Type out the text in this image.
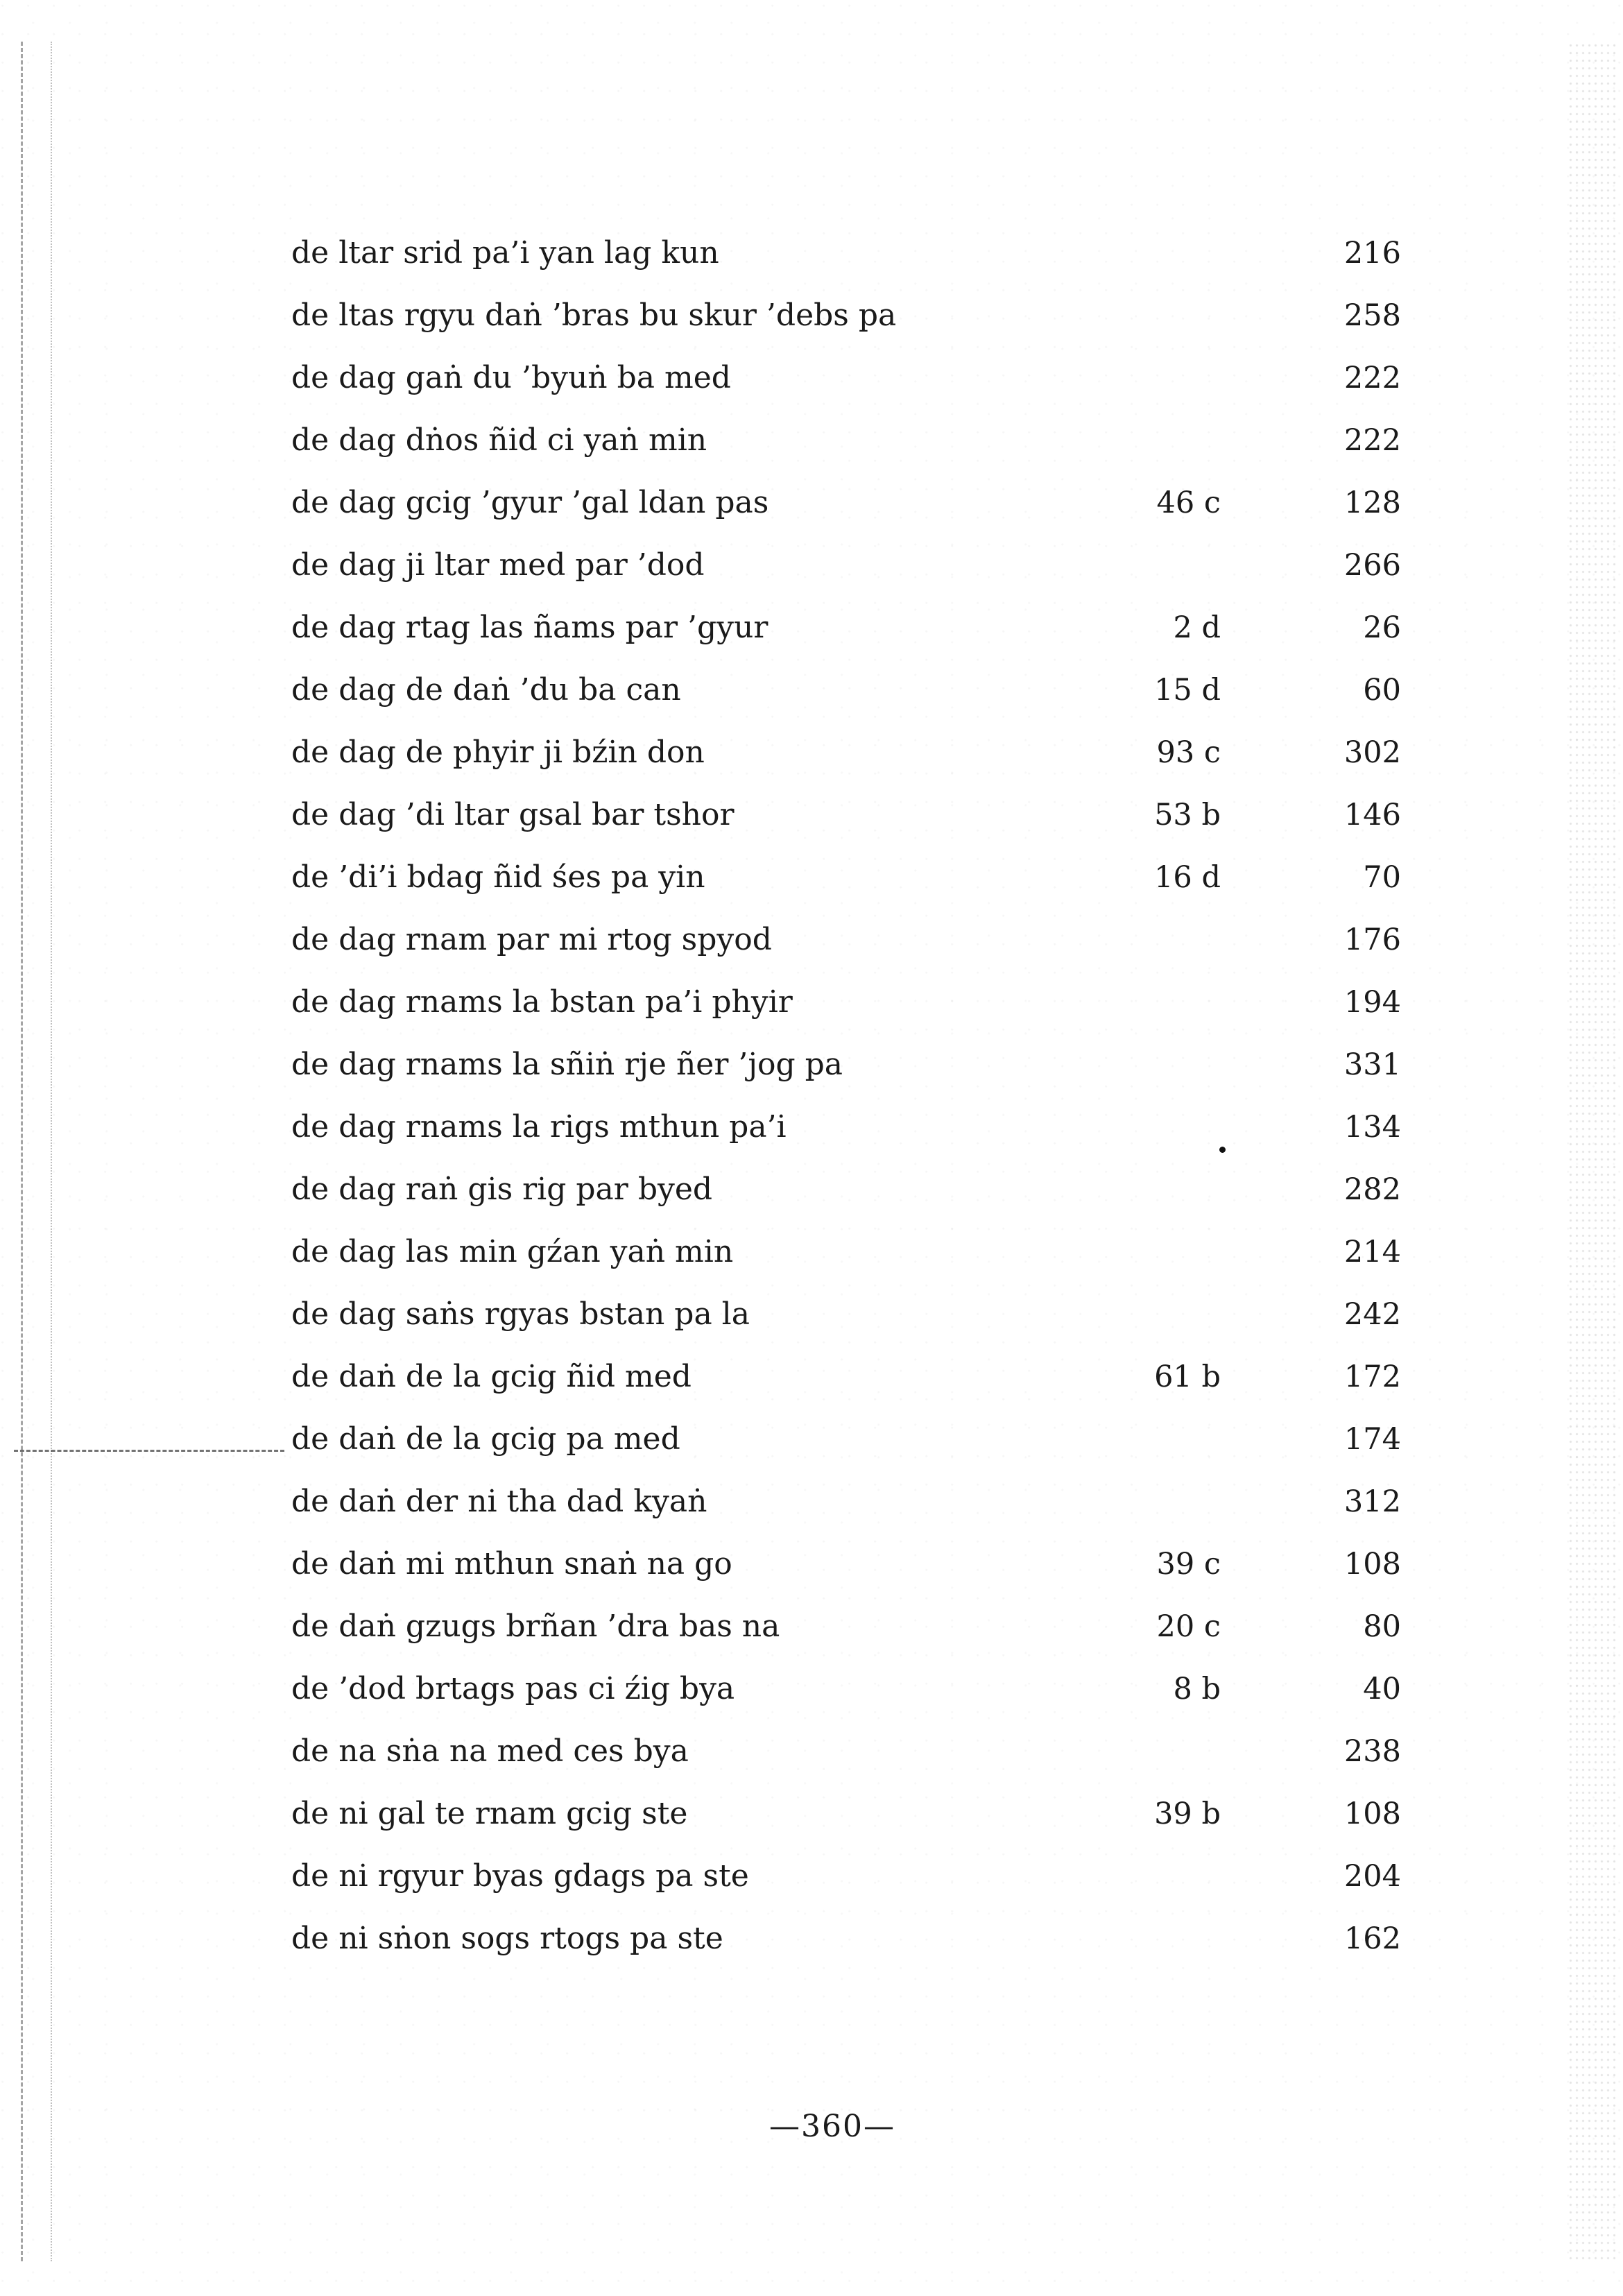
de ltar srid pa’i yan lag kun	216
de ltas rgyu daṅ ’bras bu skur ’debs pa	258
de dag gaṅ du ’byuṅ ba med	222
de dag dṅos ñid ci yaṅ min	222
de dag gcig ’gyur ’gal ldan pas	46 c	128
de dag ji ltar med par ’dod	266
de dag rtag las ñams par ’gyur	2 d	26
de dag de daṅ ’du ba can	15 d	60
de dag de phyir ji bźin don	93 c	302
de dag ’di ltar gsal bar tshor	53 b	146
de ’di’i bdag ñid śes pa yin	16 d	70
de dag rnam par mi rtog spyod	176
de dag rnams la bstan pa’i phyir	194
de dag rnams la sñiṅ rje ñer ’jog pa	331
de dag rnams la rigs mthun pa’i	134
de dag raṅ gis rig par byed	282
de dag las min gźan yaṅ min	214
de dag saṅs rgyas bstan pa la	242
de daṅ de la gcig ñid med	61 b	172
de daṅ de la gcig pa med	174
de daṅ der ni tha dad kyaṅ	312
de daṅ mi mthun snaṅ na go	39 c	108
de daṅ gzugs brñan ’dra bas na	20 c	80
de ’dod brtags pas ci źig bya	8 b	40
de na sṅa na med ces bya	238
de ni gal te rnam gcig ste	39 b	108
de ni rgyur byas gdags pa ste	204
de ni sṅon sogs rtogs pa ste	162
—360—
